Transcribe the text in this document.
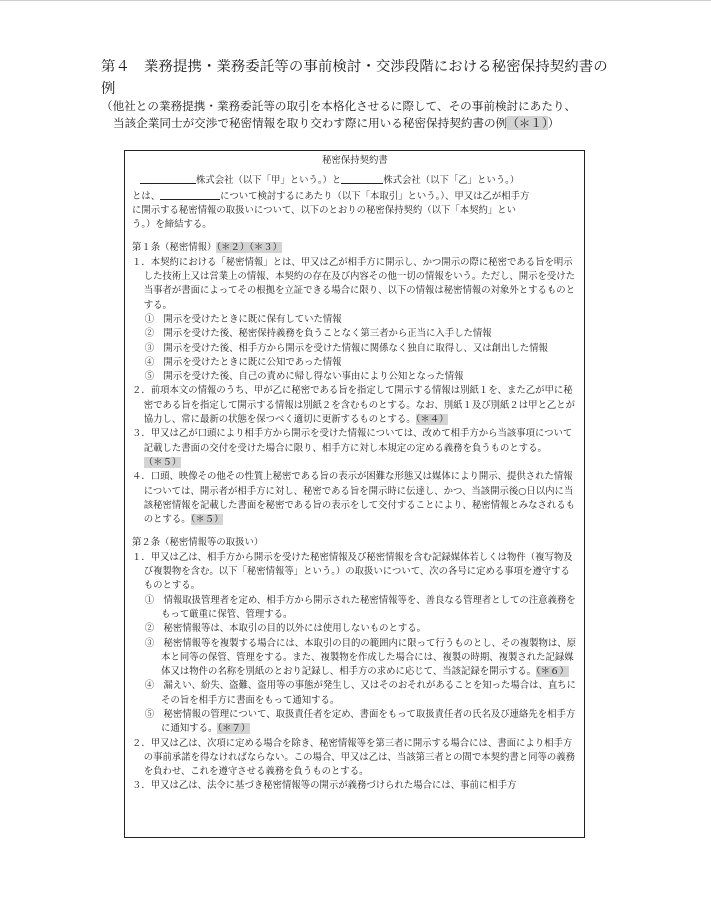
第４ 業務提携・業務委託等の事前検討・交渉段階における秘密保持契約書の例
（他社との業務提携・業務委託等の取引を本格化させるに際して、その事前検討にあたり、
当該企業同士が交渉で秘密情報を取り交わす際に用いる秘密保持契約書の例（＊１））

秘密保持契約書

株式会社（以下「甲」という。）と	株式会社（以下「乙」という。）

とは、	について検討するにあたり（以下「本取引」という。）、甲又は乙が相手方

に開示する秘密情報の取扱いについて、以下のとおりの秘密保持契約（以下「本契約」とい

う。）を締結する。

第１条（秘密情報）（＊２）（＊３）

１．本契約における「秘密情報」とは、甲又は乙が相手方に開示し、かつ開示の際に秘密である旨を明示した技術上又は営業上の情報、本契約の存在及び内容その他一切の情報をいう。ただし、開示を受けた当事者が書面によってその根拠を立証できる場合に限り、以下の情報は秘密情報の対象外とするものとする。

①　開示を受けたときに既に保有していた情報

②　開示を受けた後、秘密保持義務を負うことなく第三者から正当に入手した情報

③　開示を受けた後、相手方から開示を受けた情報に関係なく独自に取得し、又は創出した情報

④　開示を受けたときに既に公知であった情報

⑤　開示を受けた後、自己の責めに帰し得ない事由により公知となった情報

２．前項本文の情報のうち、甲が乙に秘密である旨を指定して開示する情報は別紙１を、また乙が甲に秘密である旨を指定して開示する情報は別紙２を含むものとする。なお、別紙１及び別紙２は甲と乙とが協力し、常に最新の状態を保つべく適切に更新するものとする。（＊４）

３．甲又は乙が口頭により相手方から開示を受けた情報については、改めて相手方から当該事項について記載した書面の交付を受けた場合に限り、相手方に対し本規定の定める義務を負うものとする。（＊５）

４．口頭、映像その他その性質上秘密である旨の表示が困難な形態又は媒体により開示、提供された情報については、開示者が相手方に対し、秘密である旨を開示時に伝達し、かつ、当該開示後○日以内に当該秘密情報を記載した書面を秘密である旨の表示をして交付することにより、秘密情報とみなされるものとする。（＊５）

第２条（秘密情報等の取扱い）

１．甲又は乙は、相手方から開示を受けた秘密情報及び秘密情報を含む記録媒体若しくは物件（複写物及び複製物を含む。以下「秘密情報等」という。）の取扱いについて、次の各号に定める事項を遵守するものとする。

①　情報取扱管理者を定め、相手方から開示された秘密情報等を、善良なる管理者としての注意義務をもって厳重に保管、管理する。

②　秘密情報等は、本取引の目的以外には使用しないものとする。

③　秘密情報等を複製する場合には、本取引の目的の範囲内に限って行うものとし、その複製物は、原本と同等の保管、管理をする。また、複製物を作成した場合には、複製の時期、複製された記録媒体又は物件の名称を別紙のとおり記録し、相手方の求めに応じて、当該記録を開示する。（＊６）

④　漏えい、紛失、盗難、盗用等の事態が発生し、又はそのおそれがあることを知った場合は、直ちにその旨を相手方に書面をもって通知する。

⑤　秘密情報の管理について、取扱責任者を定め、書面をもって取扱責任者の氏名及び連絡先を相手方に通知する。（＊７）

２．甲又は乙は、次項に定める場合を除き、秘密情報等を第三者に開示する場合には、書面により相手方の事前承諾を得なければならない。この場合、甲又は乙は、当該第三者との間で本契約書と同等の義務を負わせ、これを遵守させる義務を負うものとする。

３．甲又は乙は、法令に基づき秘密情報等の開示が義務づけられた場合には、事前に相手方
